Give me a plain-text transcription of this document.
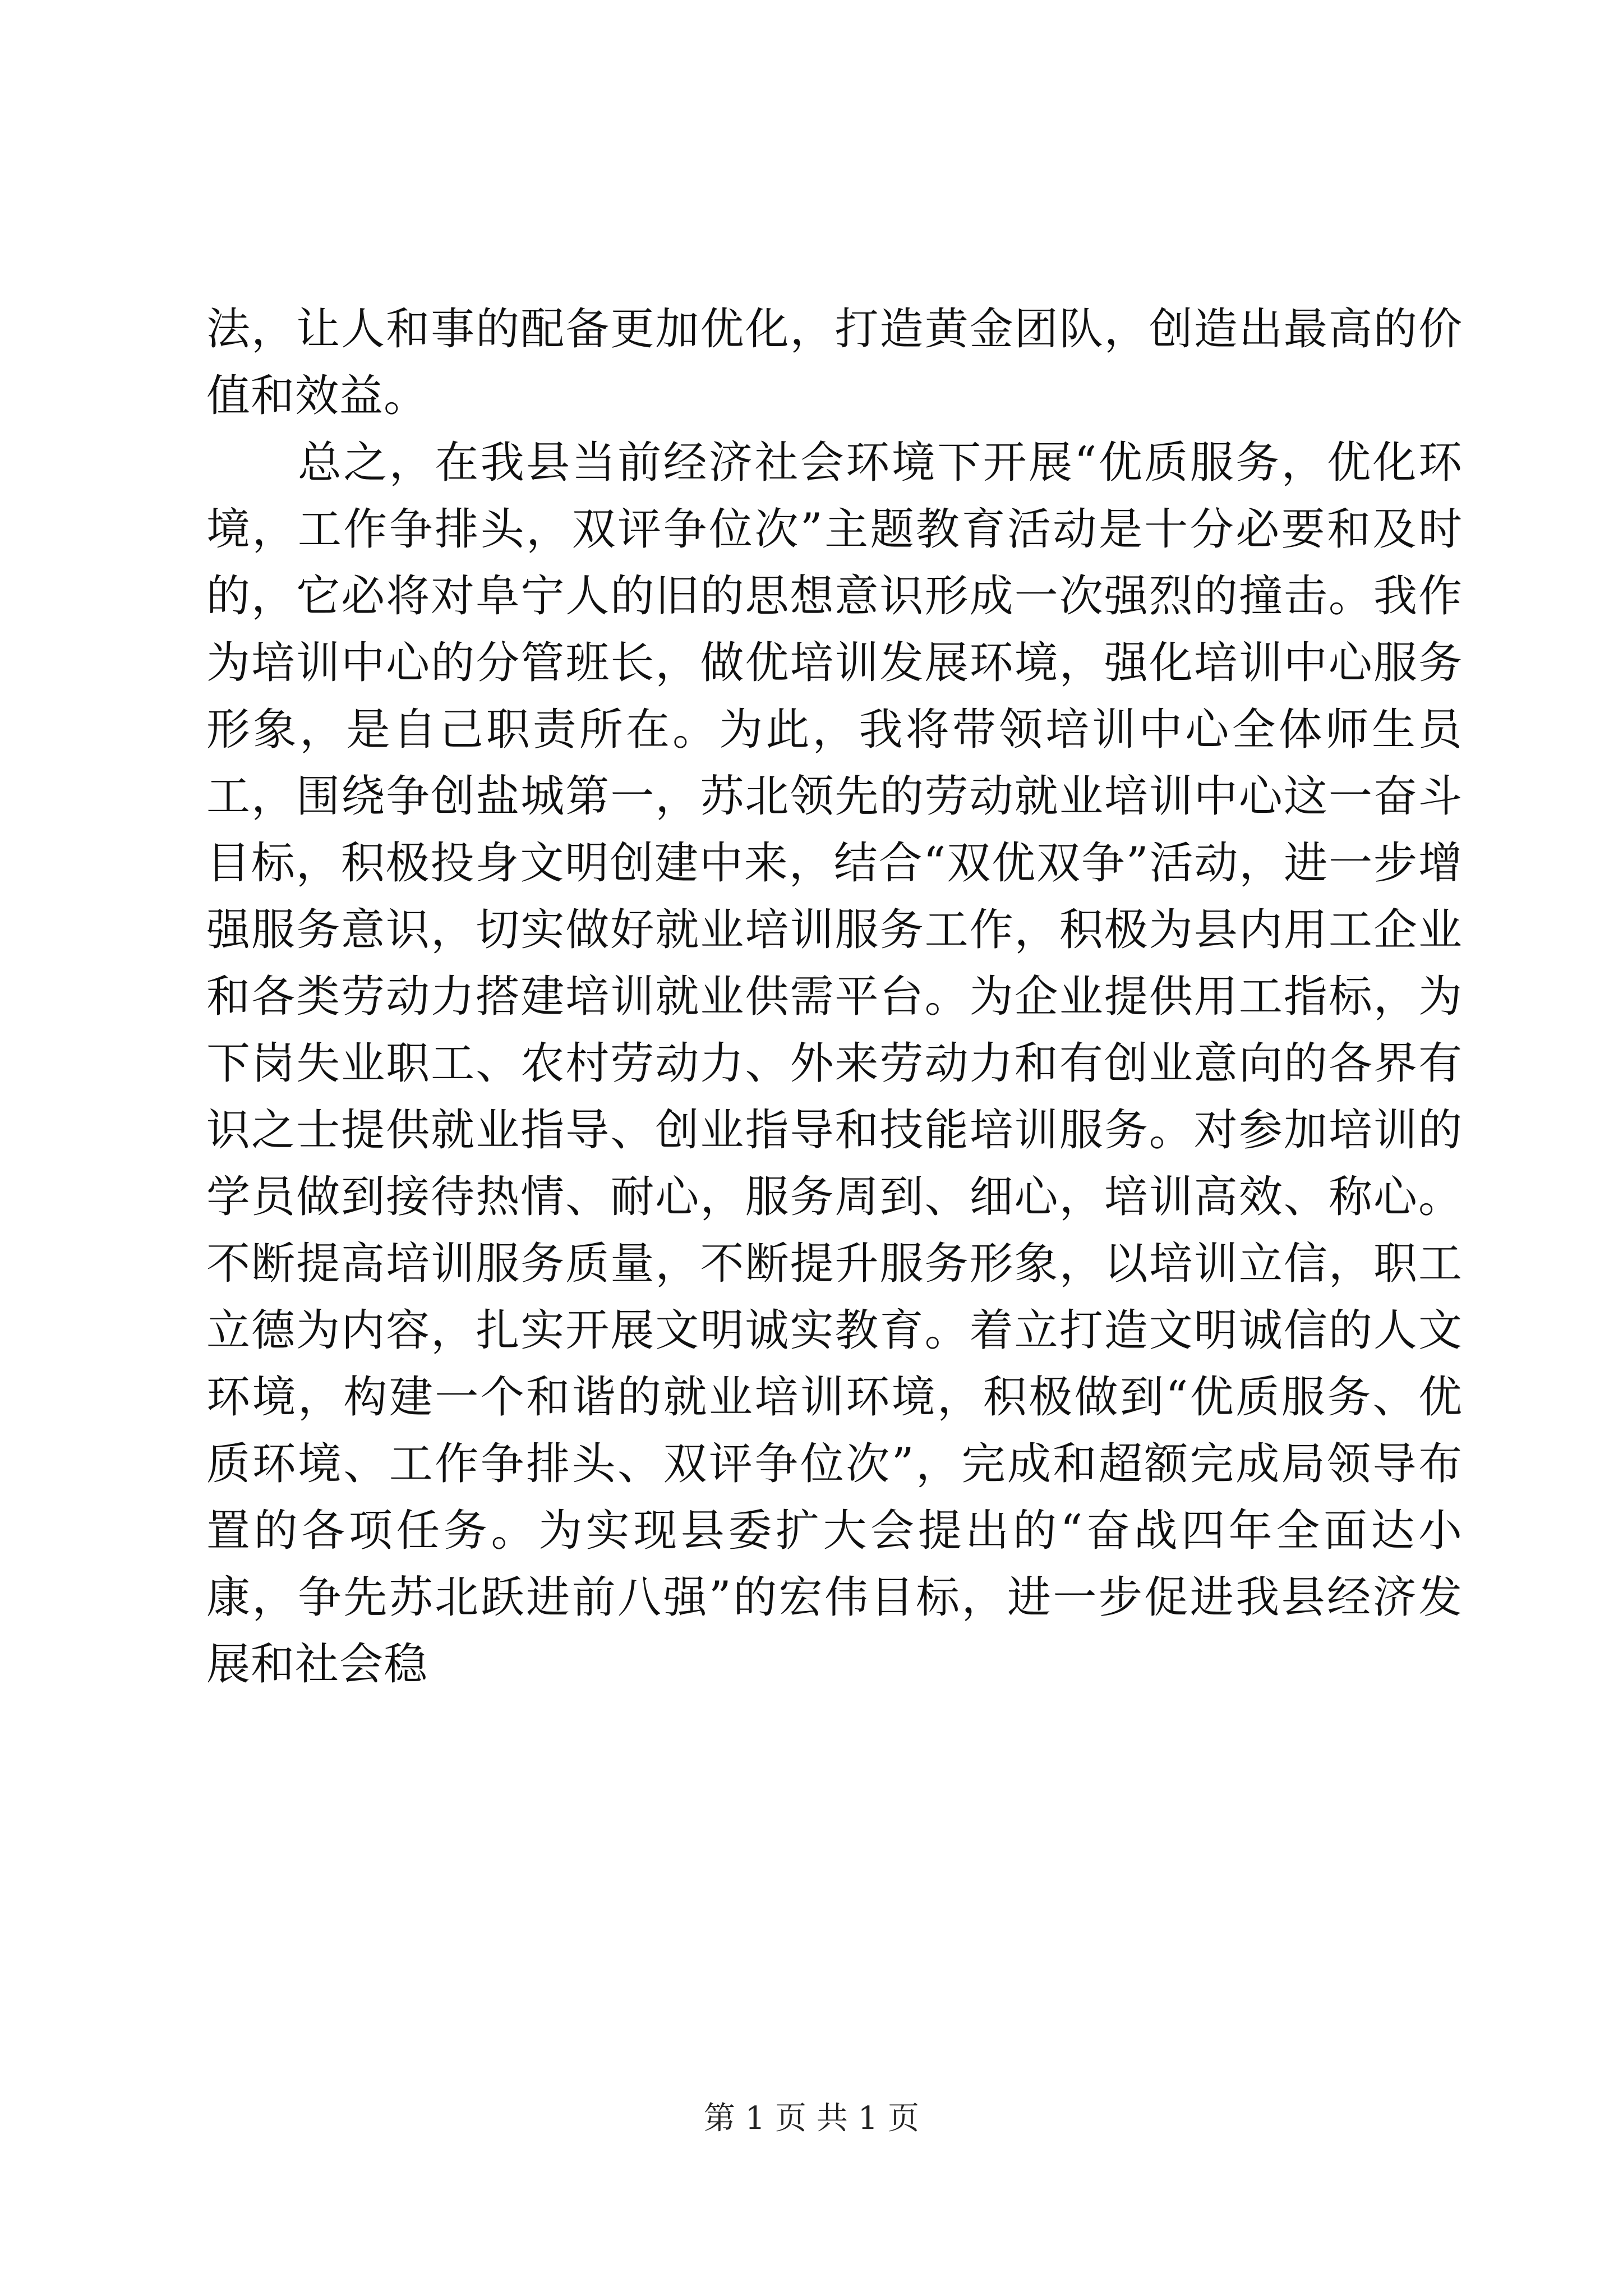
法，让人和事的配备更加优化，打造黄金团队，创造出最高的价值和效益。

　　总之，在我县当前经济社会环境下开展“优质服务，优化环境，工作争排头，双评争位次”主题教育活动是十分必要和及时的，它必将对阜宁人的旧的思想意识形成一次强烈的撞击。我作为培训中心的分管班长，做优培训发展环境，强化培训中心服务形象，是自己职责所在。为此，我将带领培训中心全体师生员工，围绕争创盐城第一，苏北领先的劳动就业培训中心这一奋斗目标，积极投身文明创建中来，结合“双优双争”活动，进一步增强服务意识，切实做好就业培训服务工作，积极为县内用工企业和各类劳动力搭建培训就业供需平台。为企业提供用工指标，为下岗失业职工、农村劳动力、外来劳动力和有创业意向的各界有识之士提供就业指导、创业指导和技能培训服务。对参加培训的学员做到接待热情、耐心，服务周到、细心，培训高效、称心。不断提高培训服务质量，不断提升服务形象，以培训立信，职工立德为内容，扎实开展文明诚实教育。着立打造文明诚信的人文环境，构建一个和谐的就业培训环境，积极做到“优质服务、优质环境、工作争排头、双评争位次”，完成和超额完成局领导布置的各项任务。为实现县委扩大会提出的“奋战四年全面达小康，争先苏北跃进前八强”的宏伟目标，进一步促进我县经济发展和社会稳

第 1 页 共 1 页
